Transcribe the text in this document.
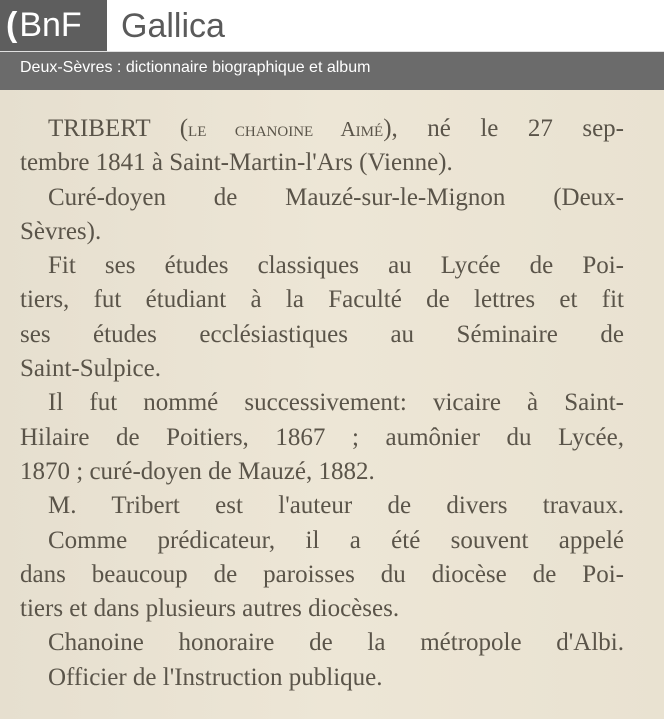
(BnF	Gallica
Deux-Sèvres : dictionnaire biographique et album

TRIBERT (le chanoine Aimé), né le 27 sep-
tembre 1841 à Saint-Martin-l'Ars (Vienne).

Curé-doyen de Mauzé-sur-le-Mignon (Deux-
Sèvres).

Fit ses études classiques au Lycée de Poi-
tiers, fut étudiant à la Faculté de lettres et fit
ses études ecclésiastiques au Séminaire de
Saint-Sulpice.

Il fut nommé successivement: vicaire à Saint-
Hilaire de Poitiers, 1867 ; aumônier du Lycée,
1870 ; curé-doyen de Mauzé, 1882.

M. Tribert est l'auteur de divers travaux.

Comme prédicateur, il a été souvent appelé
dans beaucoup de paroisses du diocèse de Poi-
tiers et dans plusieurs autres diocèses.

Chanoine honoraire de la métropole d'Albi.

Officier de l'Instruction publique.
